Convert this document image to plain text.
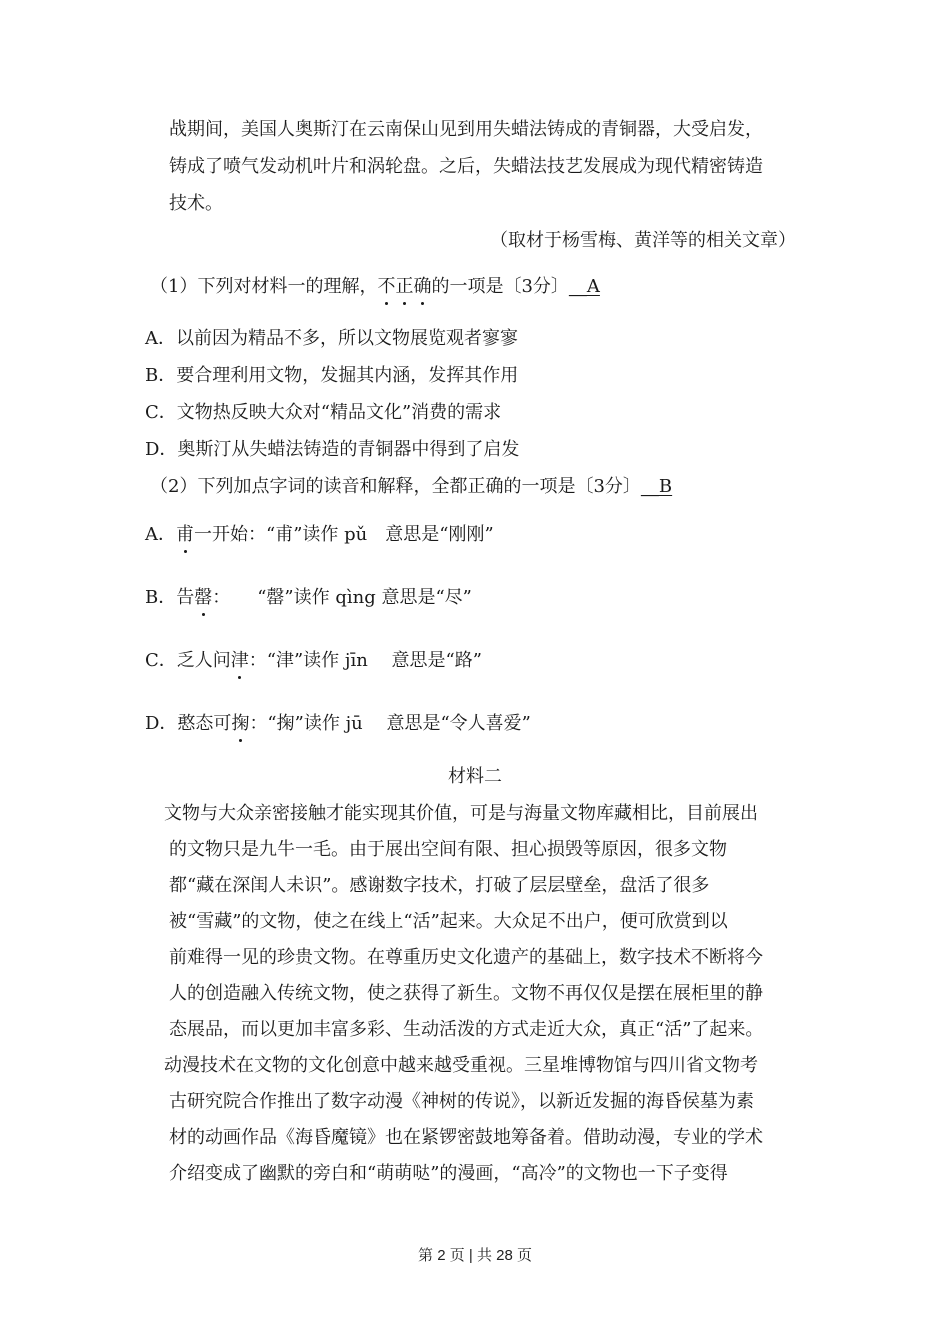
战期间，美国人奥斯汀在云南保山见到用失蜡法铸成的青铜器，大受启发，
铸成了喷气发动机叶片和涡轮盘。之后，失蜡法技艺发展成为现代精密铸造
技术。
（取材于杨雪梅、黄洋等的相关文章）
（1）下列对材料一的理解，不正确的一项是〔3分〕__A
A．以前因为精品不多，所以文物展览观者寥寥
B．要合理利用文物，发掘其内涵，发挥其作用
C．文物热反映大众对“精品文化”消费的需求
D．奥斯汀从失蜡法铸造的青铜器中得到了启发
（2）下列加点字词的读音和解释，全都正确的一项是〔3分〕__B
A．甫一开始：“甫”读作 pǔ　意思是“刚刚”
B．告罄：　　“罄”读作 qìng 意思是“尽”
C．乏人问津：“津”读作 jīn　 意思是“路”
D．憨态可掬：“掬”读作 jū　 意思是“令人喜爱”
材料二
文物与大众亲密接触才能实现其价值，可是与海量文物库藏相比，目前展出
的文物只是九牛一毛。由于展出空间有限、担心损毁等原因，很多文物
都“藏在深闺人未识”。感谢数字技术，打破了层层壁垒，盘活了很多
被“雪藏”的文物，使之在线上“活”起来。大众足不出户，便可欣赏到以
前难得一见的珍贵文物。在尊重历史文化遗产的基础上，数字技术不断将今
人的创造融入传统文物，使之获得了新生。文物不再仅仅是摆在展柜里的静
态展品，而以更加丰富多彩、生动活泼的方式走近大众，真正“活”了起来。
动漫技术在文物的文化创意中越来越受重视。三星堆博物馆与四川省文物考
古研究院合作推出了数字动漫《神树的传说》，以新近发掘的海昏侯墓为素
材的动画作品《海昏魔镜》也在紧锣密鼓地筹备着。借助动漫，专业的学术
介绍变成了幽默的旁白和“萌萌哒”的漫画，“高冷”的文物也一下子变得
第 2 页 | 共 28 页
